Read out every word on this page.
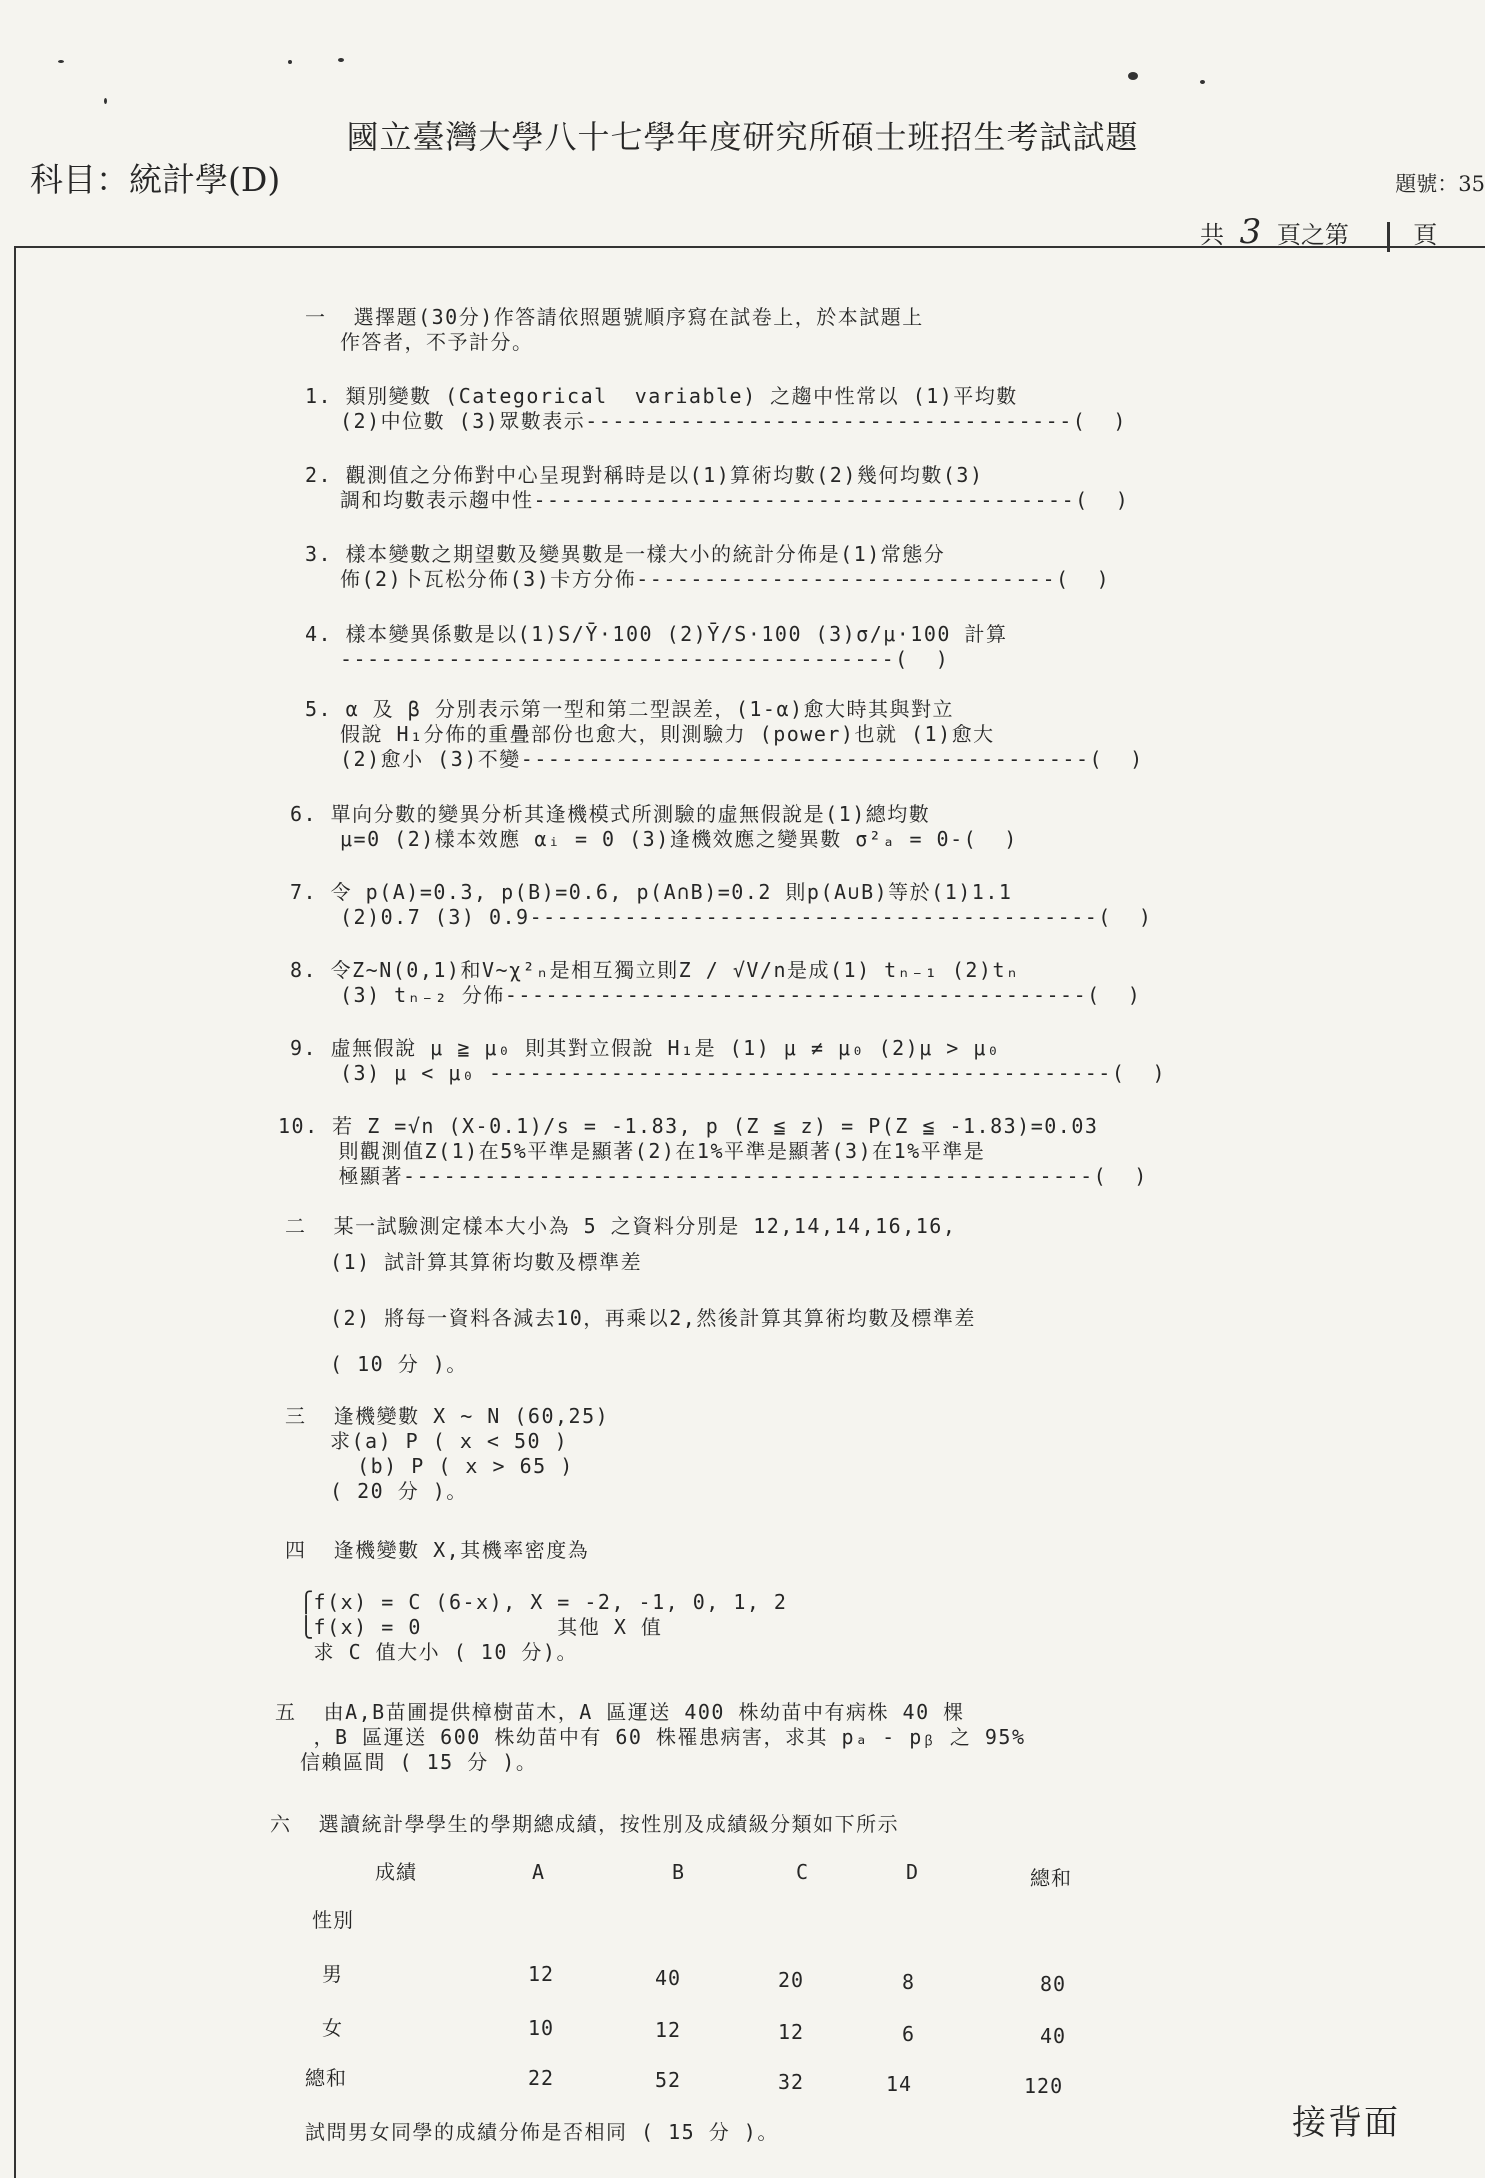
國立臺灣大學八十七學年度研究所碩士班招生考試試題
科目：統計學(D)	題號：35
共 3 頁之第	頁
一  選擇題(30分)作答請依照題號順序寫在試卷上，於本試題上
作答者，不予計分。
1. 類別變數 (Categorical  variable) 之趨中性常以 (1)平均數
(2)中位數 (3)眾數表示------------------------------------(  )
2. 觀測值之分佈對中心呈現對稱時是以(1)算術均數(2)幾何均數(3)
調和均數表示趨中性----------------------------------------(  )
3. 樣本變數之期望數及變異數是一樣大小的統計分佈是(1)常態分
佈(2)卜瓦松分佈(3)卡方分佈-------------------------------(  )
4. 樣本變異係數是以(1)S/Ȳ·100 (2)Ȳ/S·100 (3)σ/μ·100 計算
-----------------------------------------(  )
5. α 及 β 分別表示第一型和第二型誤差，(1-α)愈大時其與對立
假說 H₁分佈的重疊部份也愈大，則測驗力 (power)也就 (1)愈大
(2)愈小 (3)不變------------------------------------------(  )
6. 單向分數的變異分析其逢機模式所測驗的虛無假說是(1)總均數
μ=0 (2)樣本效應 αᵢ = 0 (3)逢機效應之變異數 σ²ₐ = 0-(  )
7. 令 p(A)=0.3, p(B)=0.6, p(A∩B)=0.2 則p(A∪B)等於(1)1.1
(2)0.7 (3) 0.9------------------------------------------(  )
8. 令Z~N(0,1)和V~χ²ₙ是相互獨立則Z / √V/n是成(1) tₙ₋₁ (2)tₙ
(3) tₙ₋₂ 分佈-------------------------------------------(  )
9. 虛無假說 μ ≧ μ₀ 則其對立假說 H₁是 (1) μ ≠ μ₀ (2)μ > μ₀
(3) μ < μ₀ ----------------------------------------------(  )
10. 若 Z =√n (X-0.1)/s = -1.83, p (Z ≦ z) = P(Z ≦ -1.83)=0.03
則觀測值Z(1)在5%平準是顯著(2)在1%平準是顯著(3)在1%平準是
極顯著---------------------------------------------------(  )
二  某一試驗測定樣本大小為 5 之資料分別是 12,14,14,16,16,
(1) 試計算其算術均數及標準差
(2) 將每一資料各減去10，再乘以2,然後計算其算術均數及標準差
( 10 分 )。
三  逢機變數 X ~ N (60,25)
求(a) P ( x < 50 )
(b) P ( x > 65 )
( 20 分 )。
四  逢機變數 X,其機率密度為
⎧f(x) = C (6-x), X = -2, -1, 0, 1, 2
⎩f(x) = 0          其他 X 值
求 C 值大小 ( 10 分)。
五  由A,B苗圃提供樟樹苗木，A 區運送 400 株幼苗中有病株 40 棵
，B 區運送 600 株幼苗中有 60 株罹患病害，求其 pₐ - pᵦ 之 95%
信賴區間 ( 15 分 )。
六  選讀統計學學生的學期總成績，按性別及成績級分類如下所示
成績	A	B	C	D	總和
性別
男	12	40	20	8	80
女	10	12	12	6	40
總和	22	52	32	14	120
試問男女同學的成績分佈是否相同 ( 15 分 )。	接背面
